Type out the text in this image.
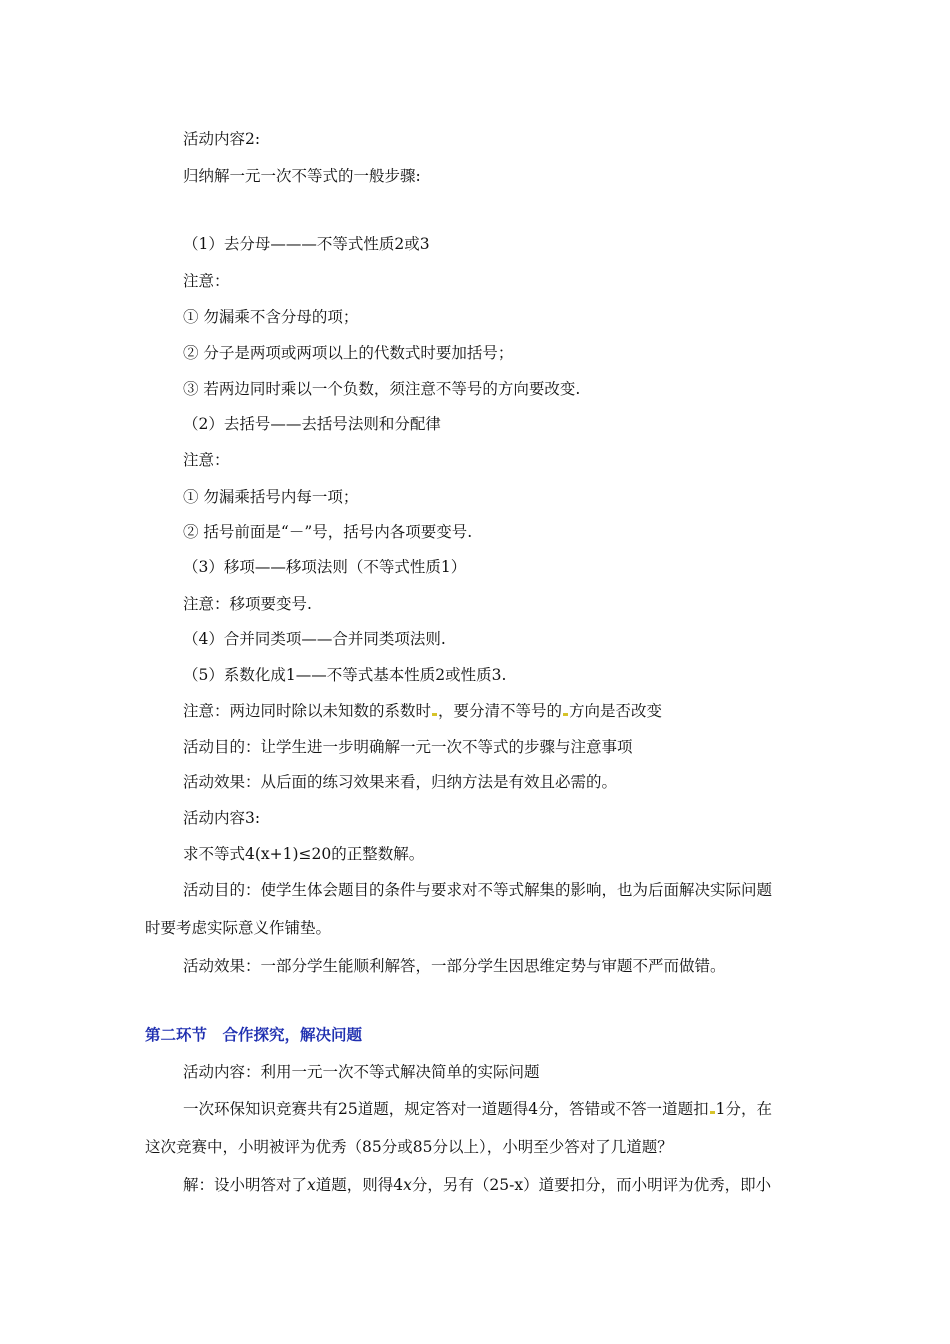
活动内容2:
归纳解一元一次不等式的一般步骤:
（1）去分母———不等式性质2或3
注意：
① 勿漏乘不含分母的项；
② 分子是两项或两项以上的代数式时要加括号；
③ 若两边同时乘以一个负数，须注意不等号的方向要改变.
（2）去括号——去括号法则和分配律
注意：
① 勿漏乘括号内每一项；
② 括号前面是“－”号，括号内各项要变号.
（3）移项——移项法则（不等式性质1）
注意：移项要变号.
（4）合并同类项——合并同类项法则.
（5）系数化成1——不等式基本性质2或性质3.
注意：两边同时除以未知数的系数时 ，要分清不等号的 方向是否改变
活动目的：让学生进一步明确解一元一次不等式的步骤与注意事项
活动效果：从后面的练习效果来看，归纳方法是有效且必需的。
活动内容3:
求不等式4(x+1)≤20的正整数解。
活动目的：使学生体会题目的条件与要求对不等式解集的影响，也为后面解决实际问题
时要考虑实际意义作铺垫。
活动效果：一部分学生能顺利解答，一部分学生因思维定势与审题不严而做错。
第二环节　合作探究，解决问题
活动内容：利用一元一次不等式解决简单的实际问题
一次环保知识竞赛共有25道题，规定答对一道题得4分，答错或不答一道题扣 1分，在
这次竞赛中，小明被评为优秀（85分或85分以上），小明至少答对了几道题？
解：设小明答对了x道题，则得4x分，另有（25-x）道要扣分，而小明评为优秀，即小
